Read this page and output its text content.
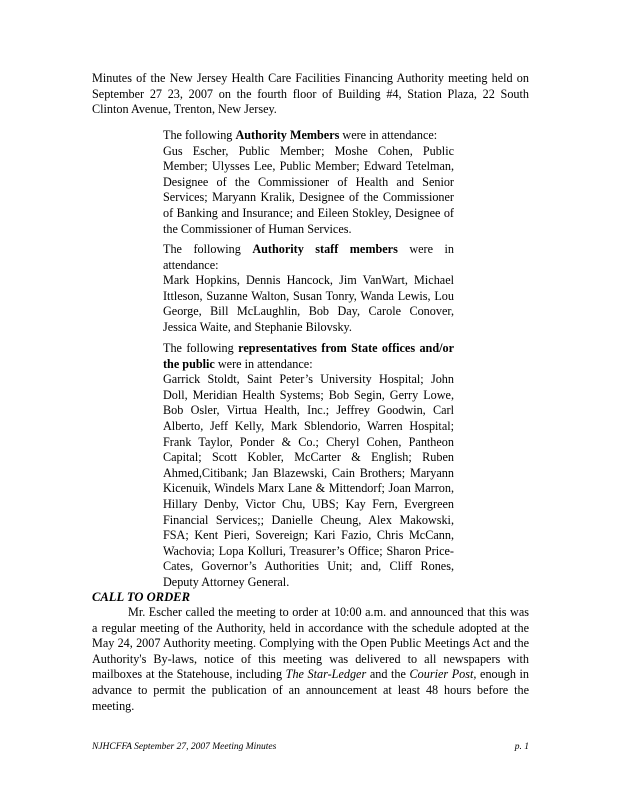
Minutes of the New Jersey Health Care Facilities Financing Authority meeting held on September 27 23, 2007 on the fourth floor of Building #4, Station Plaza, 22 South Clinton Avenue, Trenton, New Jersey.

The following Authority Members were in attendance:

Gus Escher, Public Member; Moshe Cohen, Public Member; Ulysses Lee, Public Member; Edward Tetelman, Designee of the Commissioner of Health and Senior Services; Maryann Kralik, Designee of the Commissioner of Banking and Insurance; and Eileen Stokley, Designee of the Commissioner of Human Services.

The following Authority staff members were in attendance:

Mark Hopkins, Dennis Hancock, Jim VanWart, Michael Ittleson, Suzanne Walton, Susan Tonry, Wanda Lewis, Lou George, Bill McLaughlin, Bob Day, Carole Conover, Jessica Waite, and Stephanie Bilovsky.

The following representatives from State offices and/or the public were in attendance:

Garrick Stoldt, Saint Peter’s University Hospital; John Doll, Meridian Health Systems; Bob Segin, Gerry Lowe, Bob Osler, Virtua Health, Inc.; Jeffrey Goodwin, Carl Alberto, Jeff Kelly, Mark Sblendorio, Warren Hospital; Frank Taylor, Ponder & Co.; Cheryl Cohen, Pantheon Capital; Scott Kobler, McCarter & English; Ruben Ahmed,Citibank; Jan Blazewski, Cain Brothers; Maryann Kicenuik, Windels Marx Lane & Mittendorf; Joan Marron, Hillary Denby, Victor Chu, UBS; Kay Fern, Evergreen Financial Services;; Danielle Cheung, Alex Makowski, FSA; Kent Pieri, Sovereign; Kari Fazio, Chris McCann, Wachovia; Lopa Kolluri, Treasurer’s Office; Sharon Price-Cates, Governor’s Authorities Unit; and, Cliff Rones, Deputy Attorney General.

CALL TO ORDER

Mr. Escher called the meeting to order at 10:00 a.m. and announced that this was a regular meeting of the Authority, held in accordance with the schedule adopted at the May 24, 2007 Authority meeting. Complying with the Open Public Meetings Act and the Authority's By-laws, notice of this meeting was delivered to all newspapers with mailboxes at the Statehouse, including The Star-Ledger and the Courier Post, enough in advance to permit the publication of an announcement at least 48 hours before the meeting.

NJHCFFA September 27, 2007 Meeting Minutes	p. 1
